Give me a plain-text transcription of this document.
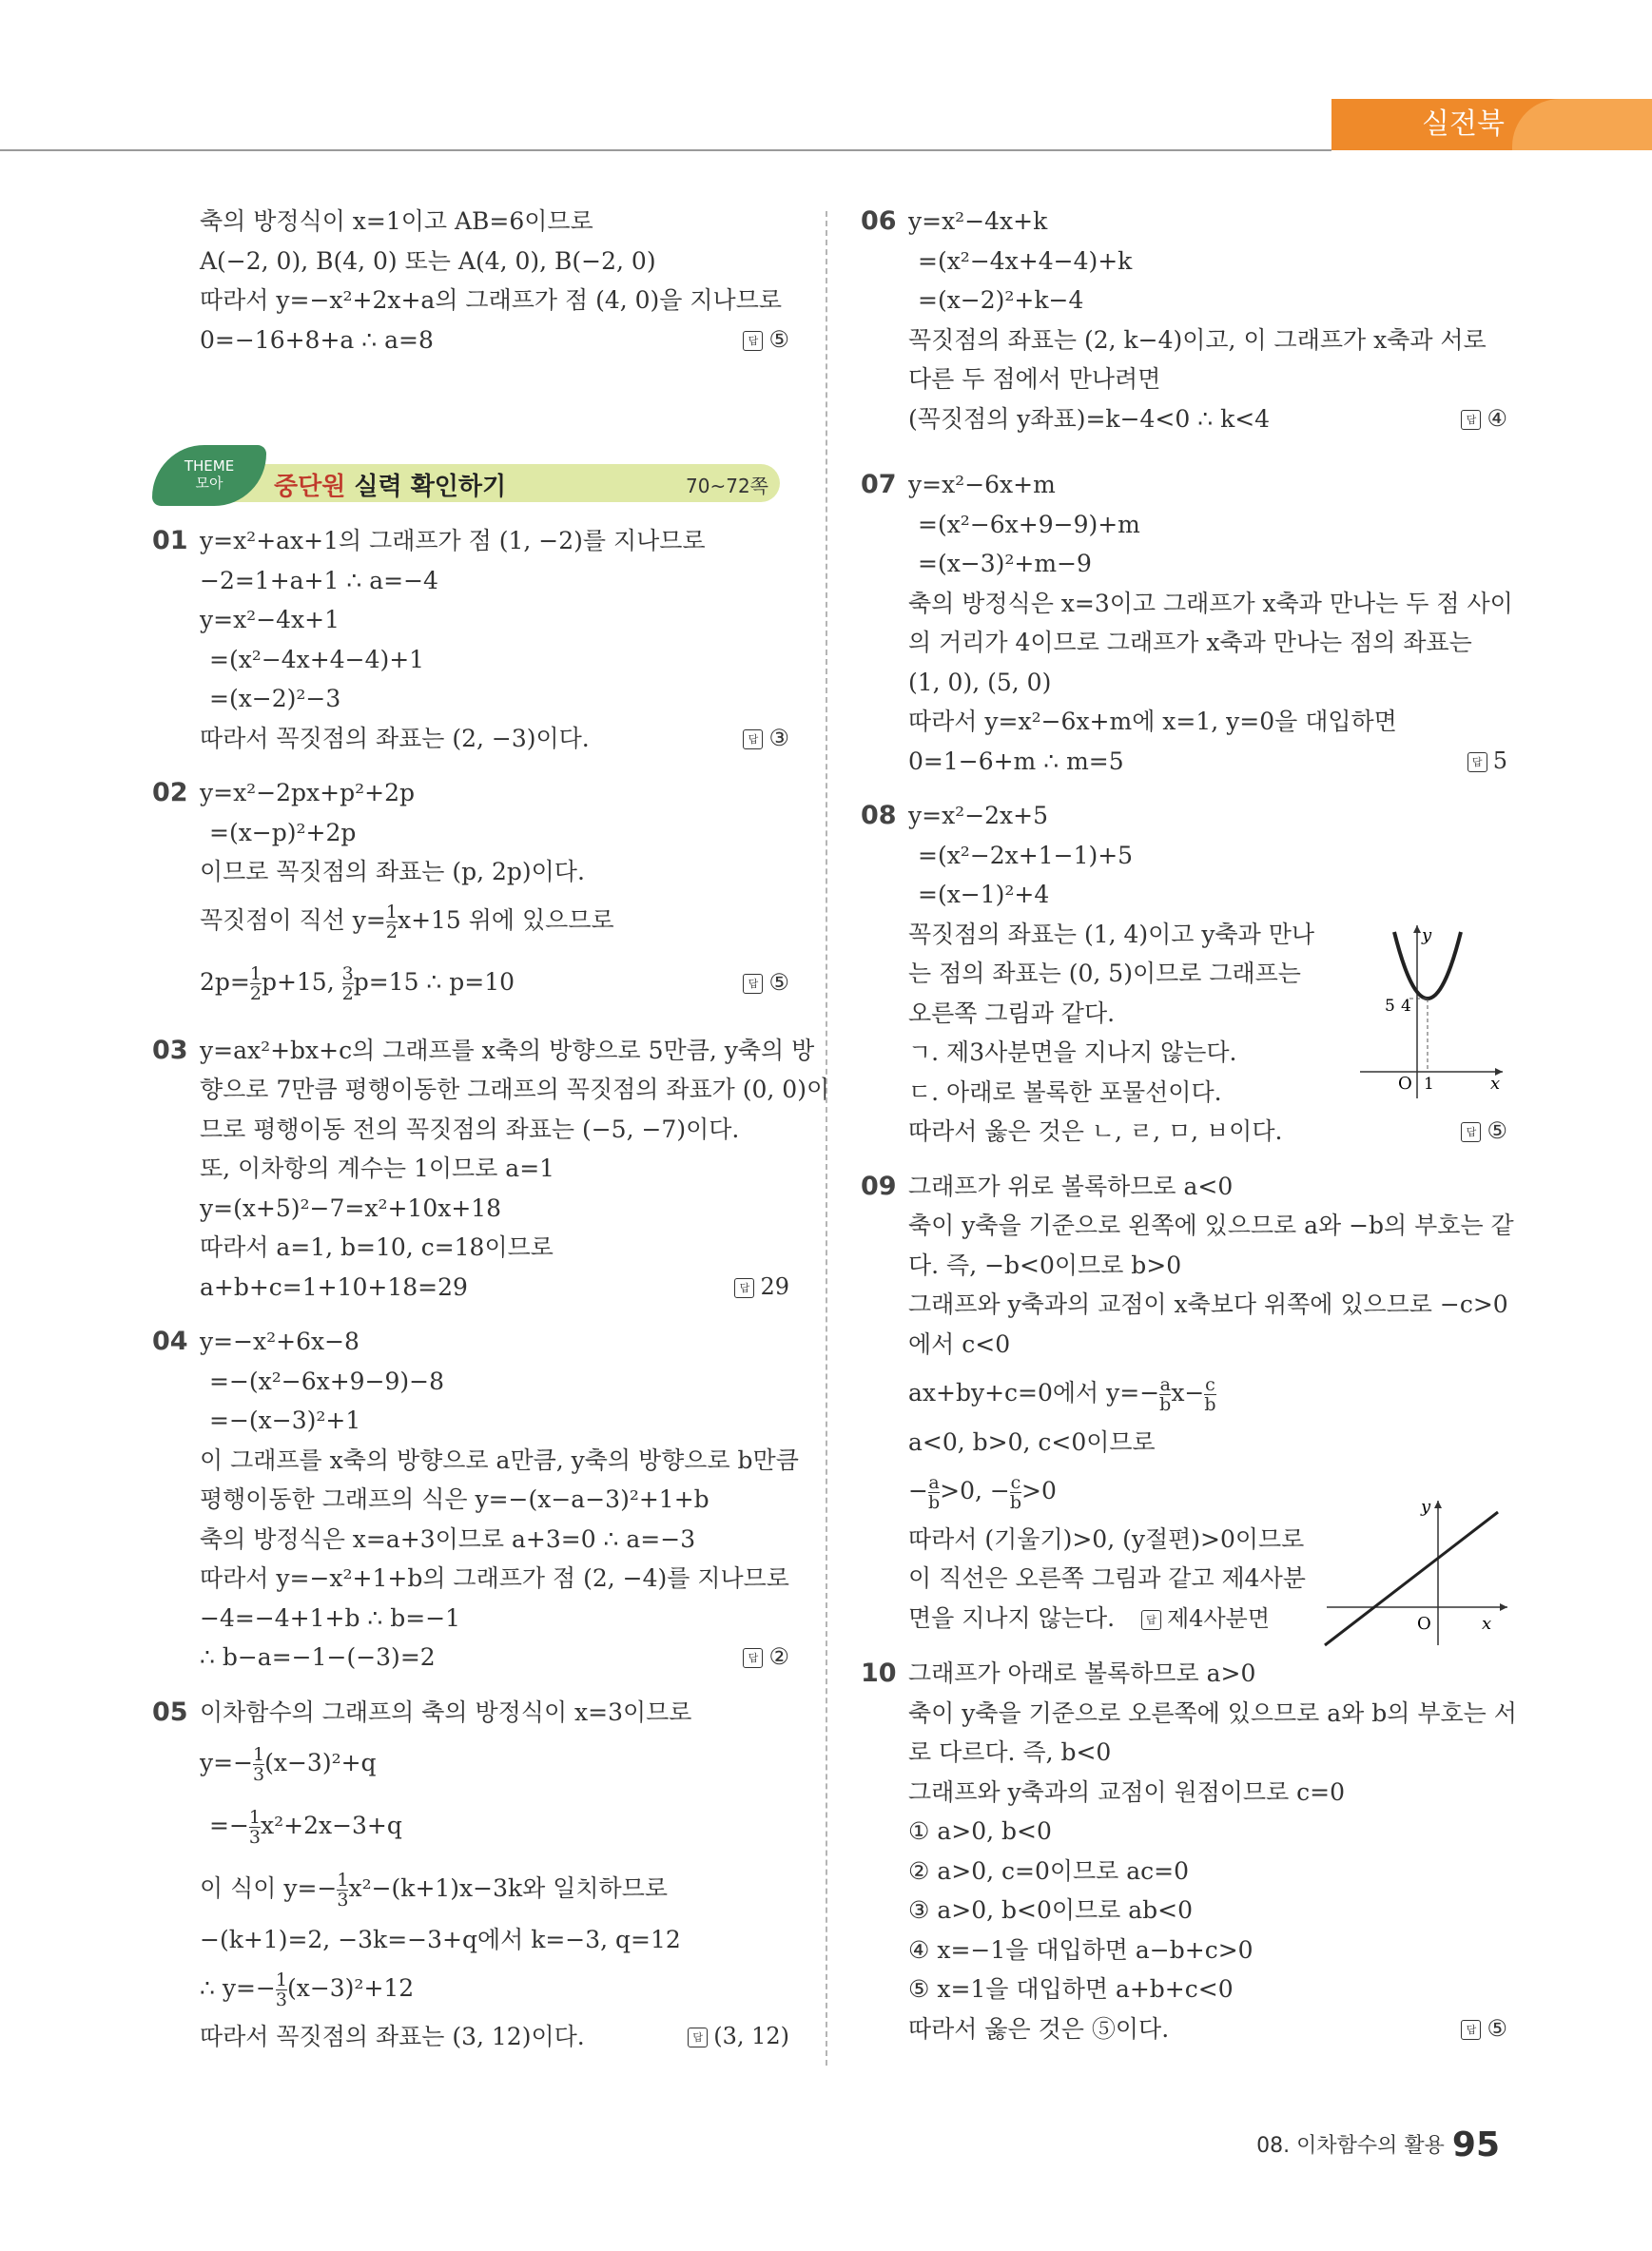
실전북
축의 방정식이 x=1이고 AB=6이므로
A(−2, 0), B(4, 0) 또는 A(4, 0), B(−2, 0)
따라서 y=−x²+2x+a의 그래프가 점 (4, 0)을 지나므로
0=−16+8+a ∴ a=8	답 ⑤
THEME
모아	중단원 실력 확인하기	70~72쪽
01 y=x²+ax+1의 그래프가 점 (1, −2)를 지나므로
−2=1+a+1 ∴ a=−4
y=x²−4x+1
=(x²−4x+4−4)+1
=(x−2)²−3
따라서 꼭짓점의 좌표는 (2, −3)이다.	답 ③
02 y=x²−2px+p²+2p
=(x−p)²+2p
이므로 꼭짓점의 좌표는 (p, 2p)이다.
꼭짓점이 직선 $y= \frac{1}{2} x+15$ 위에 있으므로
$2p= \frac{1}{2} p+15$, $\frac{3}{2} p=15$ ∴ p=10	답 ⑤
03 y=ax²+bx+c의 그래프를 x축의 방향으로 5만큼, y축의 방
향으로 7만큼 평행이동한 그래프의 꼭짓점의 좌표가 (0, 0)이
므로 평행이동 전의 꼭짓점의 좌표는 (−5, −7)이다.
또, 이차항의 계수는 1이므로 a=1
y=(x+5)²−7=x²+10x+18
따라서 a=1, b=10, c=18이므로
a+b+c=1+10+18=29	답 29
04 y=−x²+6x−8
=−(x²−6x+9−9)−8
=−(x−3)²+1
이 그래프를 x축의 방향으로 a만큼, y축의 방향으로 b만큼
평행이동한 그래프의 식은 y=−(x−a−3)²+1+b
축의 방정식은 x=a+3이므로 a+3=0 ∴ a=−3
따라서 y=−x²+1+b의 그래프가 점 (2, −4)를 지나므로
−4=−4+1+b ∴ b=−1
∴ b−a=−1−(−3)=2	답 ②
05 이차함수의 그래프의 축의 방정식이 x=3이므로
$y=- \frac{1}{3} (x-3)^2+q$
=− $\frac{1}{3} x^2+2x-3+q$
이 식이 $y=- \frac{1}{3} x^2-(k+1)x-3k$와 일치하므로
−(k+1)=2, −3k=−3+q에서 k=−3, q=12
∴ $y=- \frac{1}{3} (x-3)^2+12$
따라서 꼭짓점의 좌표는 (3, 12)이다.	답 (3, 12)
06 y=x²−4x+k
=(x²−4x+4−4)+k
=(x−2)²+k−4
꼭짓점의 좌표는 (2, k−4)이고, 이 그래프가 x축과 서로
다른 두 점에서 만나려면
(꼭짓점의 y좌표)=k−4<0 ∴ k<4	답 ④
07 y=x²−6x+m
=(x²−6x+9−9)+m
=(x−3)²+m−9
축의 방정식은 x=3이고 그래프가 x축과 만나는 두 점 사이
의 거리가 4이므로 그래프가 x축과 만나는 점의 좌표는
(1, 0), (5, 0)
따라서 y=x²−6x+m에 x=1, y=0을 대입하면
0=1−6+m ∴ m=5	답 5
08 y=x²−2x+5
=(x²−2x+1−1)+5
=(x−1)²+4
꼭짓점의 좌표는 (1, 4)이고 y축과 만나
는 점의 좌표는 (0, 5)이므로 그래프는
오른쪽 그림과 같다.
ㄱ. 제3사분면을 지나지 않는다.
ㄷ. 아래로 볼록한 포물선이다.
따라서 옳은 것은 ㄴ, ㄹ, ㅁ, ㅂ이다.	답 ⑤
09 그래프가 위로 볼록하므로 a<0
축이 y축을 기준으로 왼쪽에 있으므로 a와 −b의 부호는 같
다. 즉, −b<0이므로 b>0
그래프와 y축과의 교점이 x축보다 위쪽에 있으므로 −c>0
에서 c<0
ax+by+c=0에서 $y=- \frac{a}{b} x- \frac{c}{b}$
a<0, b>0, c<0이므로
− $\frac{a}{b} >0$, − $\frac{c}{b} >0$
따라서 (기울기)>0, (y절편)>0이므로
이 직선은 오른쪽 그림과 같고 제4사분
면을 지나지 않는다.	답 제4사분면
10 그래프가 아래로 볼록하므로 a>0
축이 y축을 기준으로 오른쪽에 있으므로 a와 b의 부호는 서
로 다르다. 즉, b<0
그래프와 y축과의 교점이 원점이므로 c=0
① a>0, b<0
② a>0, c=0이므로 ac=0
③ a>0, b<0이므로 ab<0
④ x=−1을 대입하면 a−b+c>0
⑤ x=1을 대입하면 a+b+c<0
따라서 옳은 것은 ⑤이다.	답 ⑤
5 4
O 1	x
y
O	x
y
08. 이차함수의 활용 95
